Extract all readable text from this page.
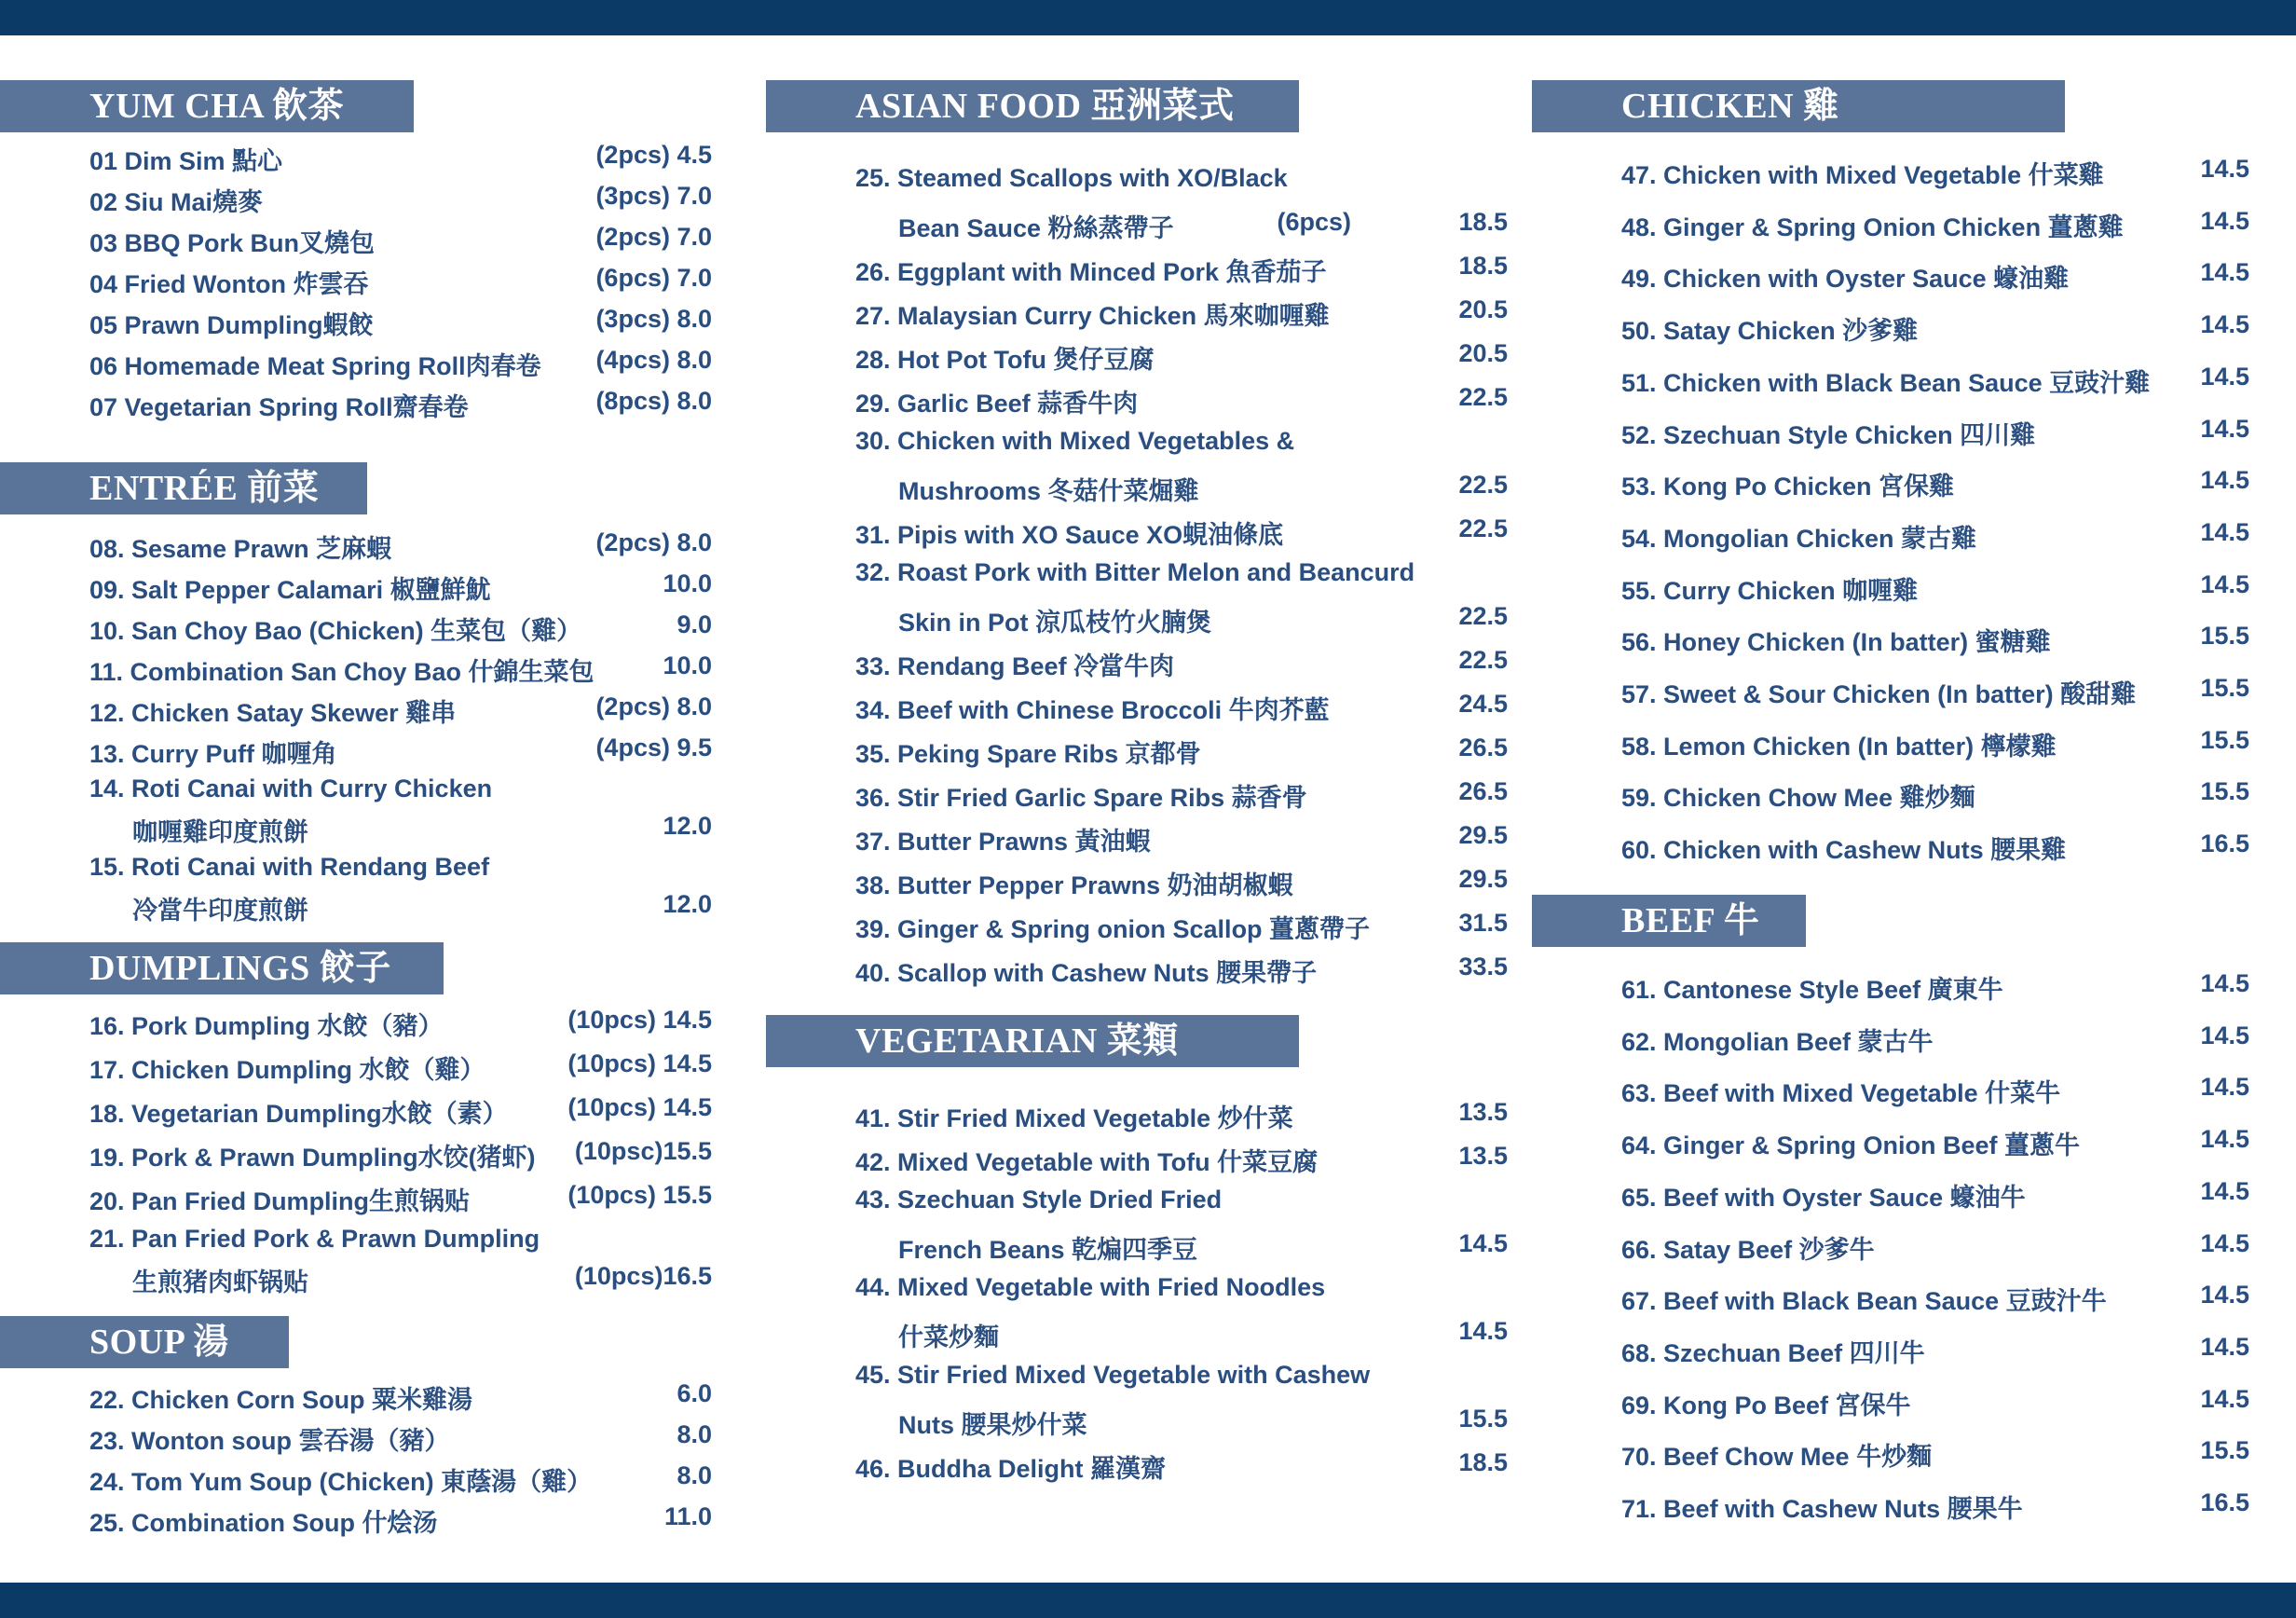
YUM CHA 飲茶
01 Dim Sim 點心	(2pcs) 4.5
02 Siu Mai燒麥	(3pcs) 7.0
03 BBQ Pork Bun叉燒包	(2pcs) 7.0
04 Fried Wonton 炸雲吞	(6pcs) 7.0
05 Prawn Dumpling蝦餃	(3pcs) 8.0
06 Homemade Meat Spring Roll肉春卷 (4pcs) 8.0
07 Vegetarian Spring Roll齋春卷	(8pcs) 8.0
ENTRÉE 前菜
08. Sesame Prawn 芝麻蝦	(2pcs) 8.0
09. Salt Pepper Calamari 椒鹽鮮魷	10.0
10. San Choy Bao (Chicken) 生菜包（雞）	9.0
11. Combination San Choy Bao 什錦生菜包	10.0
12. Chicken Satay Skewer 雞串	(2pcs) 8.0
13. Curry Puff 咖喱角	(4pcs) 9.5
14. Roti Canai with Curry Chicken
咖喱雞印度煎餅	12.0
15. Roti Canai with Rendang Beef
冷當牛印度煎餅	12.0
DUMPLINGS 餃子
16. Pork Dumpling 水餃（豬）	(10pcs) 14.5
17. Chicken Dumpling 水餃（雞）	(10pcs) 14.5
18. Vegetarian Dumpling水餃（素） (10pcs) 14.5
19. Pork & Prawn Dumpling水饺(猪虾) (10psc)15.5
20. Pan Fried Dumpling生煎锅贴	(10pcs) 15.5
21. Pan Fried Pork & Prawn Dumpling
生煎猪肉虾锅贴	(10pcs)16.5
SOUP 湯
22. Chicken Corn Soup 粟米雞湯	6.0
23. Wonton soup 雲吞湯（豬）	8.0
24. Tom Yum Soup (Chicken) 東蔭湯（雞）	8.0
25. Combination Soup 什烩汤	11.0
ASIAN FOOD 亞洲菜式
25. Steamed Scallops with XO/Black
Bean Sauce 粉絲蒸帶子	(6pcs)	18.5
26. Eggplant with Minced Pork 魚香茄子	18.5
27. Malaysian Curry Chicken 馬來咖喱雞	20.5
28. Hot Pot Tofu 煲仔豆腐	20.5
29. Garlic Beef 蒜香牛肉	22.5
30. Chicken with Mixed Vegetables &
Mushrooms 冬菇什菜煀雞	22.5
31. Pipis with XO Sauce XO蜆油條底	22.5
32. Roast Pork with Bitter Melon and Beancurd
Skin in Pot 涼瓜枝竹火腩煲	22.5
33. Rendang Beef 冷當牛肉	22.5
34. Beef with Chinese Broccoli 牛肉芥藍	24.5
35. Peking Spare Ribs 京都骨	26.5
36. Stir Fried Garlic Spare Ribs 蒜香骨	26.5
37. Butter Prawns 黃油蝦	29.5
38. Butter Pepper Prawns 奶油胡椒蝦	29.5
39. Ginger & Spring onion Scallop 薑蔥帶子	31.5
40. Scallop with Cashew Nuts 腰果帶子	33.5
VEGETARIAN 菜類
41. Stir Fried Mixed Vegetable 炒什菜	13.5
42. Mixed Vegetable with Tofu 什菜豆腐	13.5
43. Szechuan Style Dried Fried
French Beans 乾煸四季豆	14.5
44. Mixed Vegetable with Fried Noodles
什菜炒麵	14.5
45. Stir Fried Mixed Vegetable with Cashew
Nuts 腰果炒什菜	15.5
46. Buddha Delight 羅漢齋	18.5
CHICKEN 雞
47. Chicken with Mixed Vegetable 什菜雞	14.5
48. Ginger & Spring Onion Chicken 薑蔥雞	14.5
49. Chicken with Oyster Sauce 蠔油雞	14.5
50. Satay Chicken 沙爹雞	14.5
51. Chicken with Black Bean Sauce 豆豉汁雞 14.5
52. Szechuan Style Chicken 四川雞	14.5
53. Kong Po Chicken 宮保雞	14.5
54. Mongolian Chicken 蒙古雞	14.5
55. Curry Chicken 咖喱雞	14.5
56. Honey Chicken (In batter) 蜜糖雞	15.5
57. Sweet & Sour Chicken (In batter) 酸甜雞	15.5
58. Lemon Chicken (In batter) 檸檬雞	15.5
59. Chicken Chow Mee 雞炒麵	15.5
60. Chicken with Cashew Nuts 腰果雞	16.5
BEEF 牛
61. Cantonese Style Beef 廣東牛	14.5
62. Mongolian Beef 蒙古牛	14.5
63. Beef with Mixed Vegetable 什菜牛	14.5
64. Ginger & Spring Onion Beef 薑蔥牛	14.5
65. Beef with Oyster Sauce 蠔油牛	14.5
66. Satay Beef 沙爹牛	14.5
67. Beef with Black Bean Sauce 豆豉汁牛	14.5
68. Szechuan Beef 四川牛	14.5
69. Kong Po Beef 宮保牛	14.5
70. Beef Chow Mee 牛炒麵	15.5
71. Beef with Cashew Nuts 腰果牛	16.5
